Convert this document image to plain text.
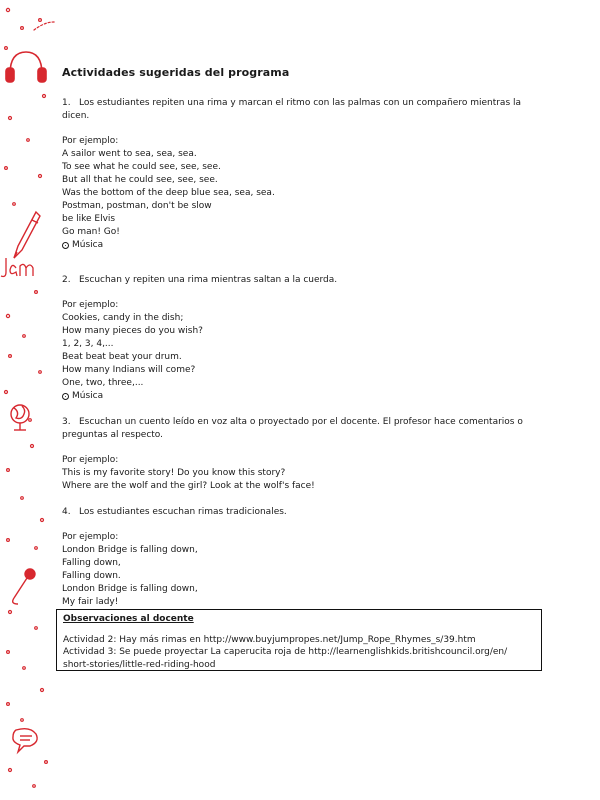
Actividades sugeridas del programa

1. Los estudiantes repiten una rima y marcan el ritmo con las palmas con un compañero mientras la dicen.

Por ejemplo:
A sailor went to sea, sea, sea.
To see what he could see, see, see.
But all that he could see, see, see.
Was the bottom of the deep blue sea, sea, sea.
Postman, postman, don't be slow
be like Elvis
Go man! Go!
Música

2. Escuchan y repiten una rima mientras saltan a la cuerda.

Por ejemplo:
Cookies, candy in the dish;
How many pieces do you wish?
1, 2, 3, 4,...
Beat beat beat your drum.
How many Indians will come?
One, two, three,...
Música

3. Escuchan un cuento leído en voz alta o proyectado por el docente. El profesor hace comentarios o preguntas al respecto.

Por ejemplo:
This is my favorite story! Do you know this story?
Where are the wolf and the girl? Look at the wolf's face!

4. Los estudiantes escuchan rimas tradicionales.

Por ejemplo:
London Bridge is falling down,
Falling down,
Falling down.
London Bridge is falling down,
My fair lady!
Observaciones al docente
Actividad 2: Hay más rimas en http://www.buyjumpropes.net/Jump_Rope_Rhymes_s/39.htm
Actividad 3: Se puede proyectar La caperucita roja de http://learnenglishkids.britishcouncil.org/en/
short-stories/little-red-riding-hood
